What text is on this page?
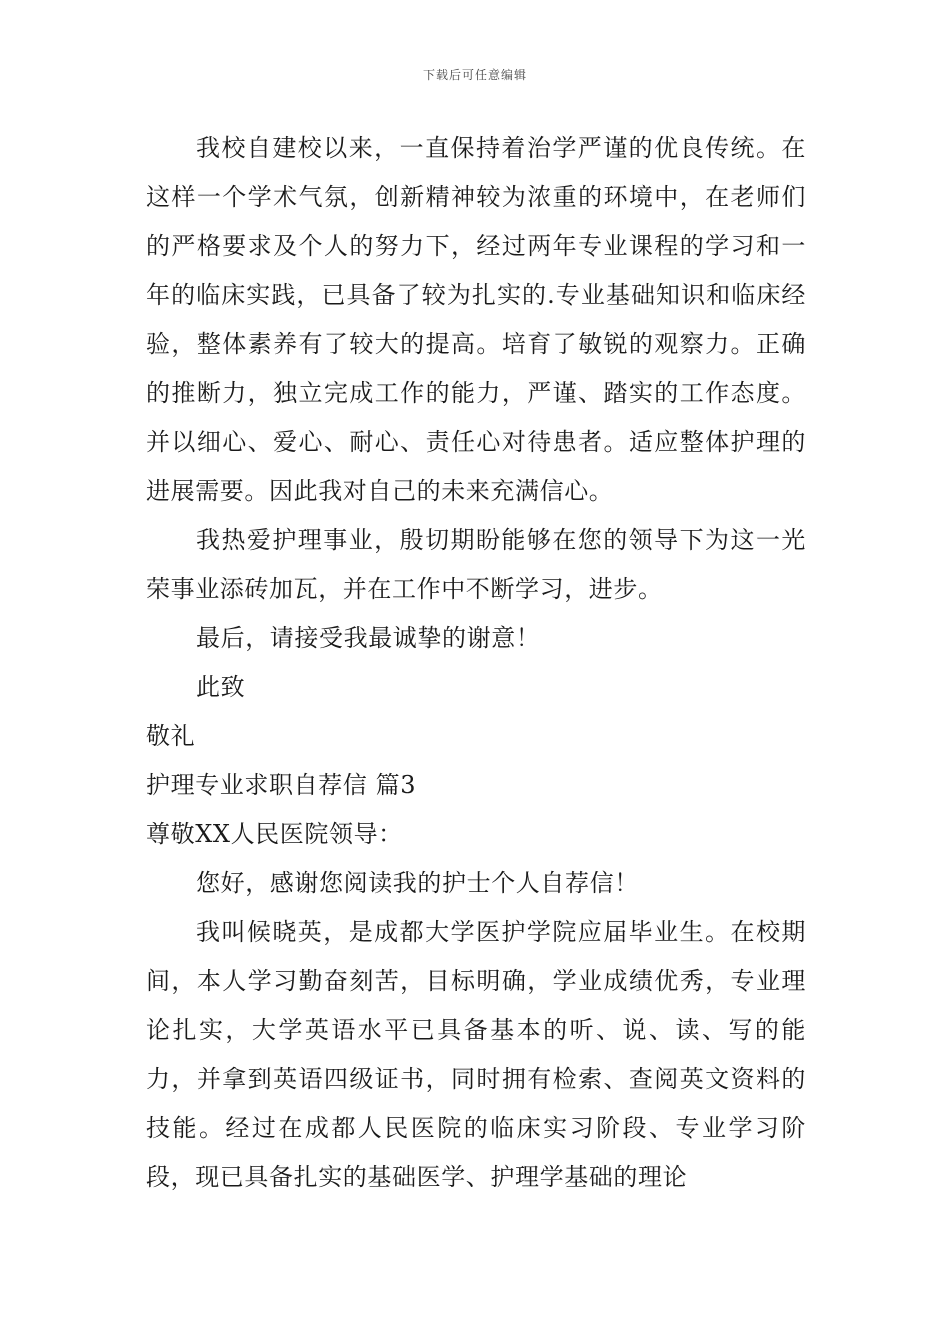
下载后可任意编辑

我校自建校以来，一直保持着治学严谨的优良传统。在这样一个学术气氛，创新精神较为浓重的环境中，在老师们的严格要求及个人的努力下，经过两年专业课程的学习和一年的临床实践，已具备了较为扎实的.专业基础知识和临床经验，整体素养有了较大的提高。培育了敏锐的观察力。正确的推断力，独立完成工作的能力，严谨、踏实的工作态度。并以细心、爱心、耐心、责任心对待患者。适应整体护理的进展需要。因此我对自己的未来充满信心。

我热爱护理事业，殷切期盼能够在您的领导下为这一光荣事业添砖加瓦，并在工作中不断学习，进步。

最后，请接受我最诚挚的谢意！

此致

敬礼

护理专业求职自荐信 篇3

尊敬XX人民医院领导：

您好，感谢您阅读我的护士个人自荐信！

我叫候晓英，是成都大学医护学院应届毕业生。在校期间，本人学习勤奋刻苦，目标明确，学业成绩优秀，专业理论扎实，大学英语水平已具备基本的听、说、读、写的能力，并拿到英语四级证书，同时拥有检索、查阅英文资料的技能。经过在成都人民医院的临床实习阶段、专业学习阶段，现已具备扎实的基础医学、护理学基础的理论
